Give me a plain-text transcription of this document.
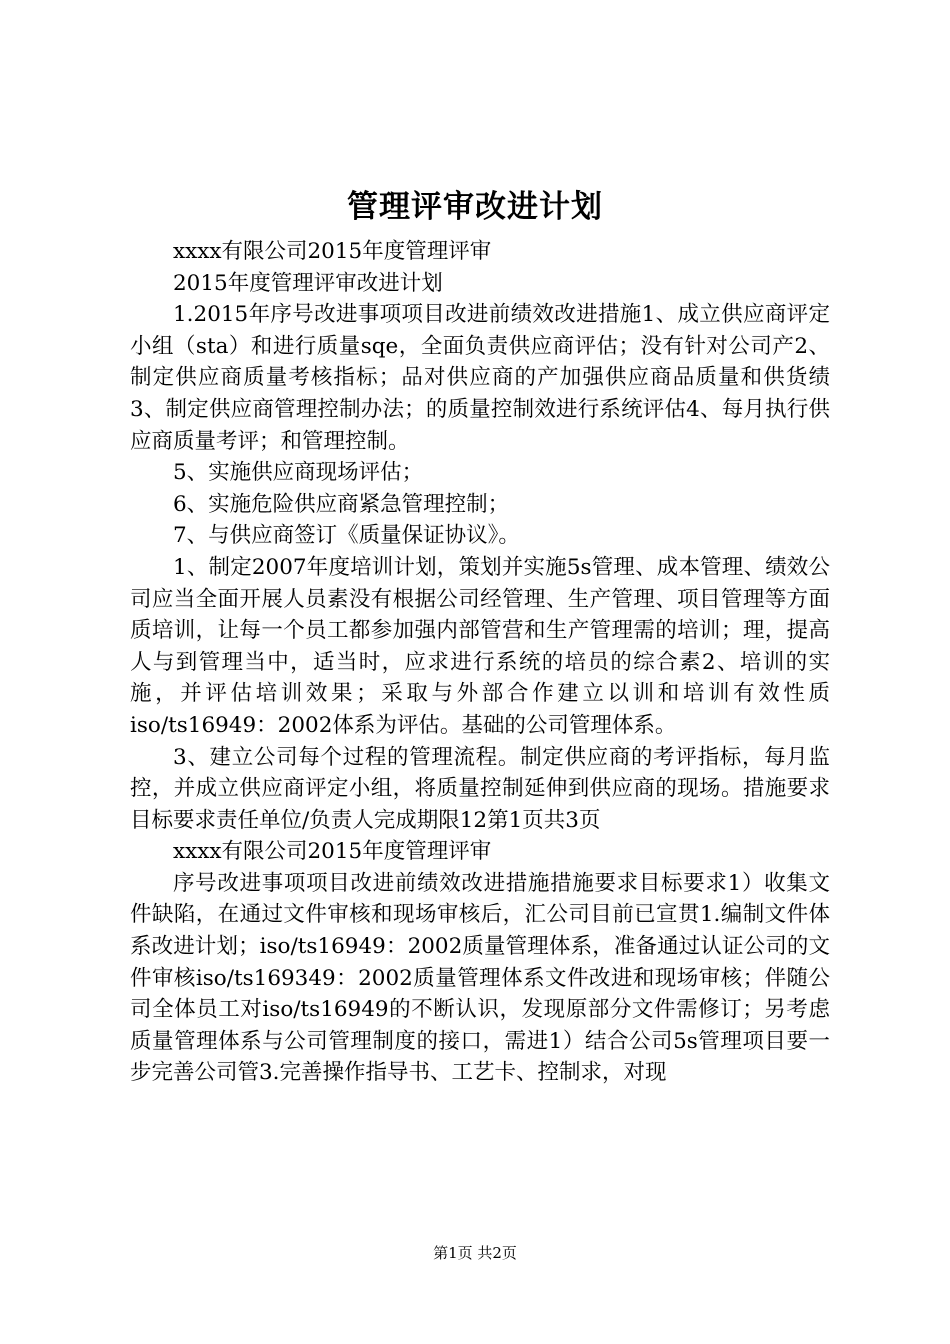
管理评审改进计划

xxxx有限公司2015年度管理评审

2015年度管理评审改进计划

1.2015年序号改进事项项目改进前绩效改进措施1、成立供应商评定小组（sta）和进行质量sqe，全面负责供应商评估；没有针对公司产2、制定供应商质量考核指标；品对供应商的产加强供应商品质量和供货绩3、制定供应商管理控制办法；的质量控制效进行系统评估4、每月执行供应商质量考评；和管理控制。

5、实施供应商现场评估；

6、实施危险供应商紧急管理控制；

7、与供应商签订《质量保证协议》。

1、制定2007年度培训计划，策划并实施5s管理、成本管理、绩效公司应当全面开展人员素没有根据公司经管理、生产管理、项目管理等方面质培训，让每一个员工都参加强内部管营和生产管理需的培训；理，提高人与到管理当中，适当时，应求进行系统的培员的综合素2、培训的实施，并评估培训效果；采取与外部合作建立以训和培训有效性质iso/ts16949：2002体系为评估。基础的公司管理体系。

3、建立公司每个过程的管理流程。制定供应商的考评指标，每月监控，并成立供应商评定小组，将质量控制延伸到供应商的现场。措施要求目标要求责任单位/负责人完成期限12第1页共3页

xxxx有限公司2015年度管理评审

序号改进事项项目改进前绩效改进措施措施要求目标要求1）收集文件缺陷，在通过文件审核和现场审核后，汇公司目前已宣贯1.编制文件体系改进计划；iso/ts16949：2002质量管理体系，准备通过认证公司的文件审核iso/ts169349：2002质量管理体系文件改进和现场审核；伴随公司全体员工对iso/ts16949的不断认识，发现原部分文件需修订；另考虑质量管理体系与公司管理制度的接口，需进1）结合公司5s管理项目要一步完善公司管3.完善操作指导书、工艺卡、控制求，对现

第1页 共2页
